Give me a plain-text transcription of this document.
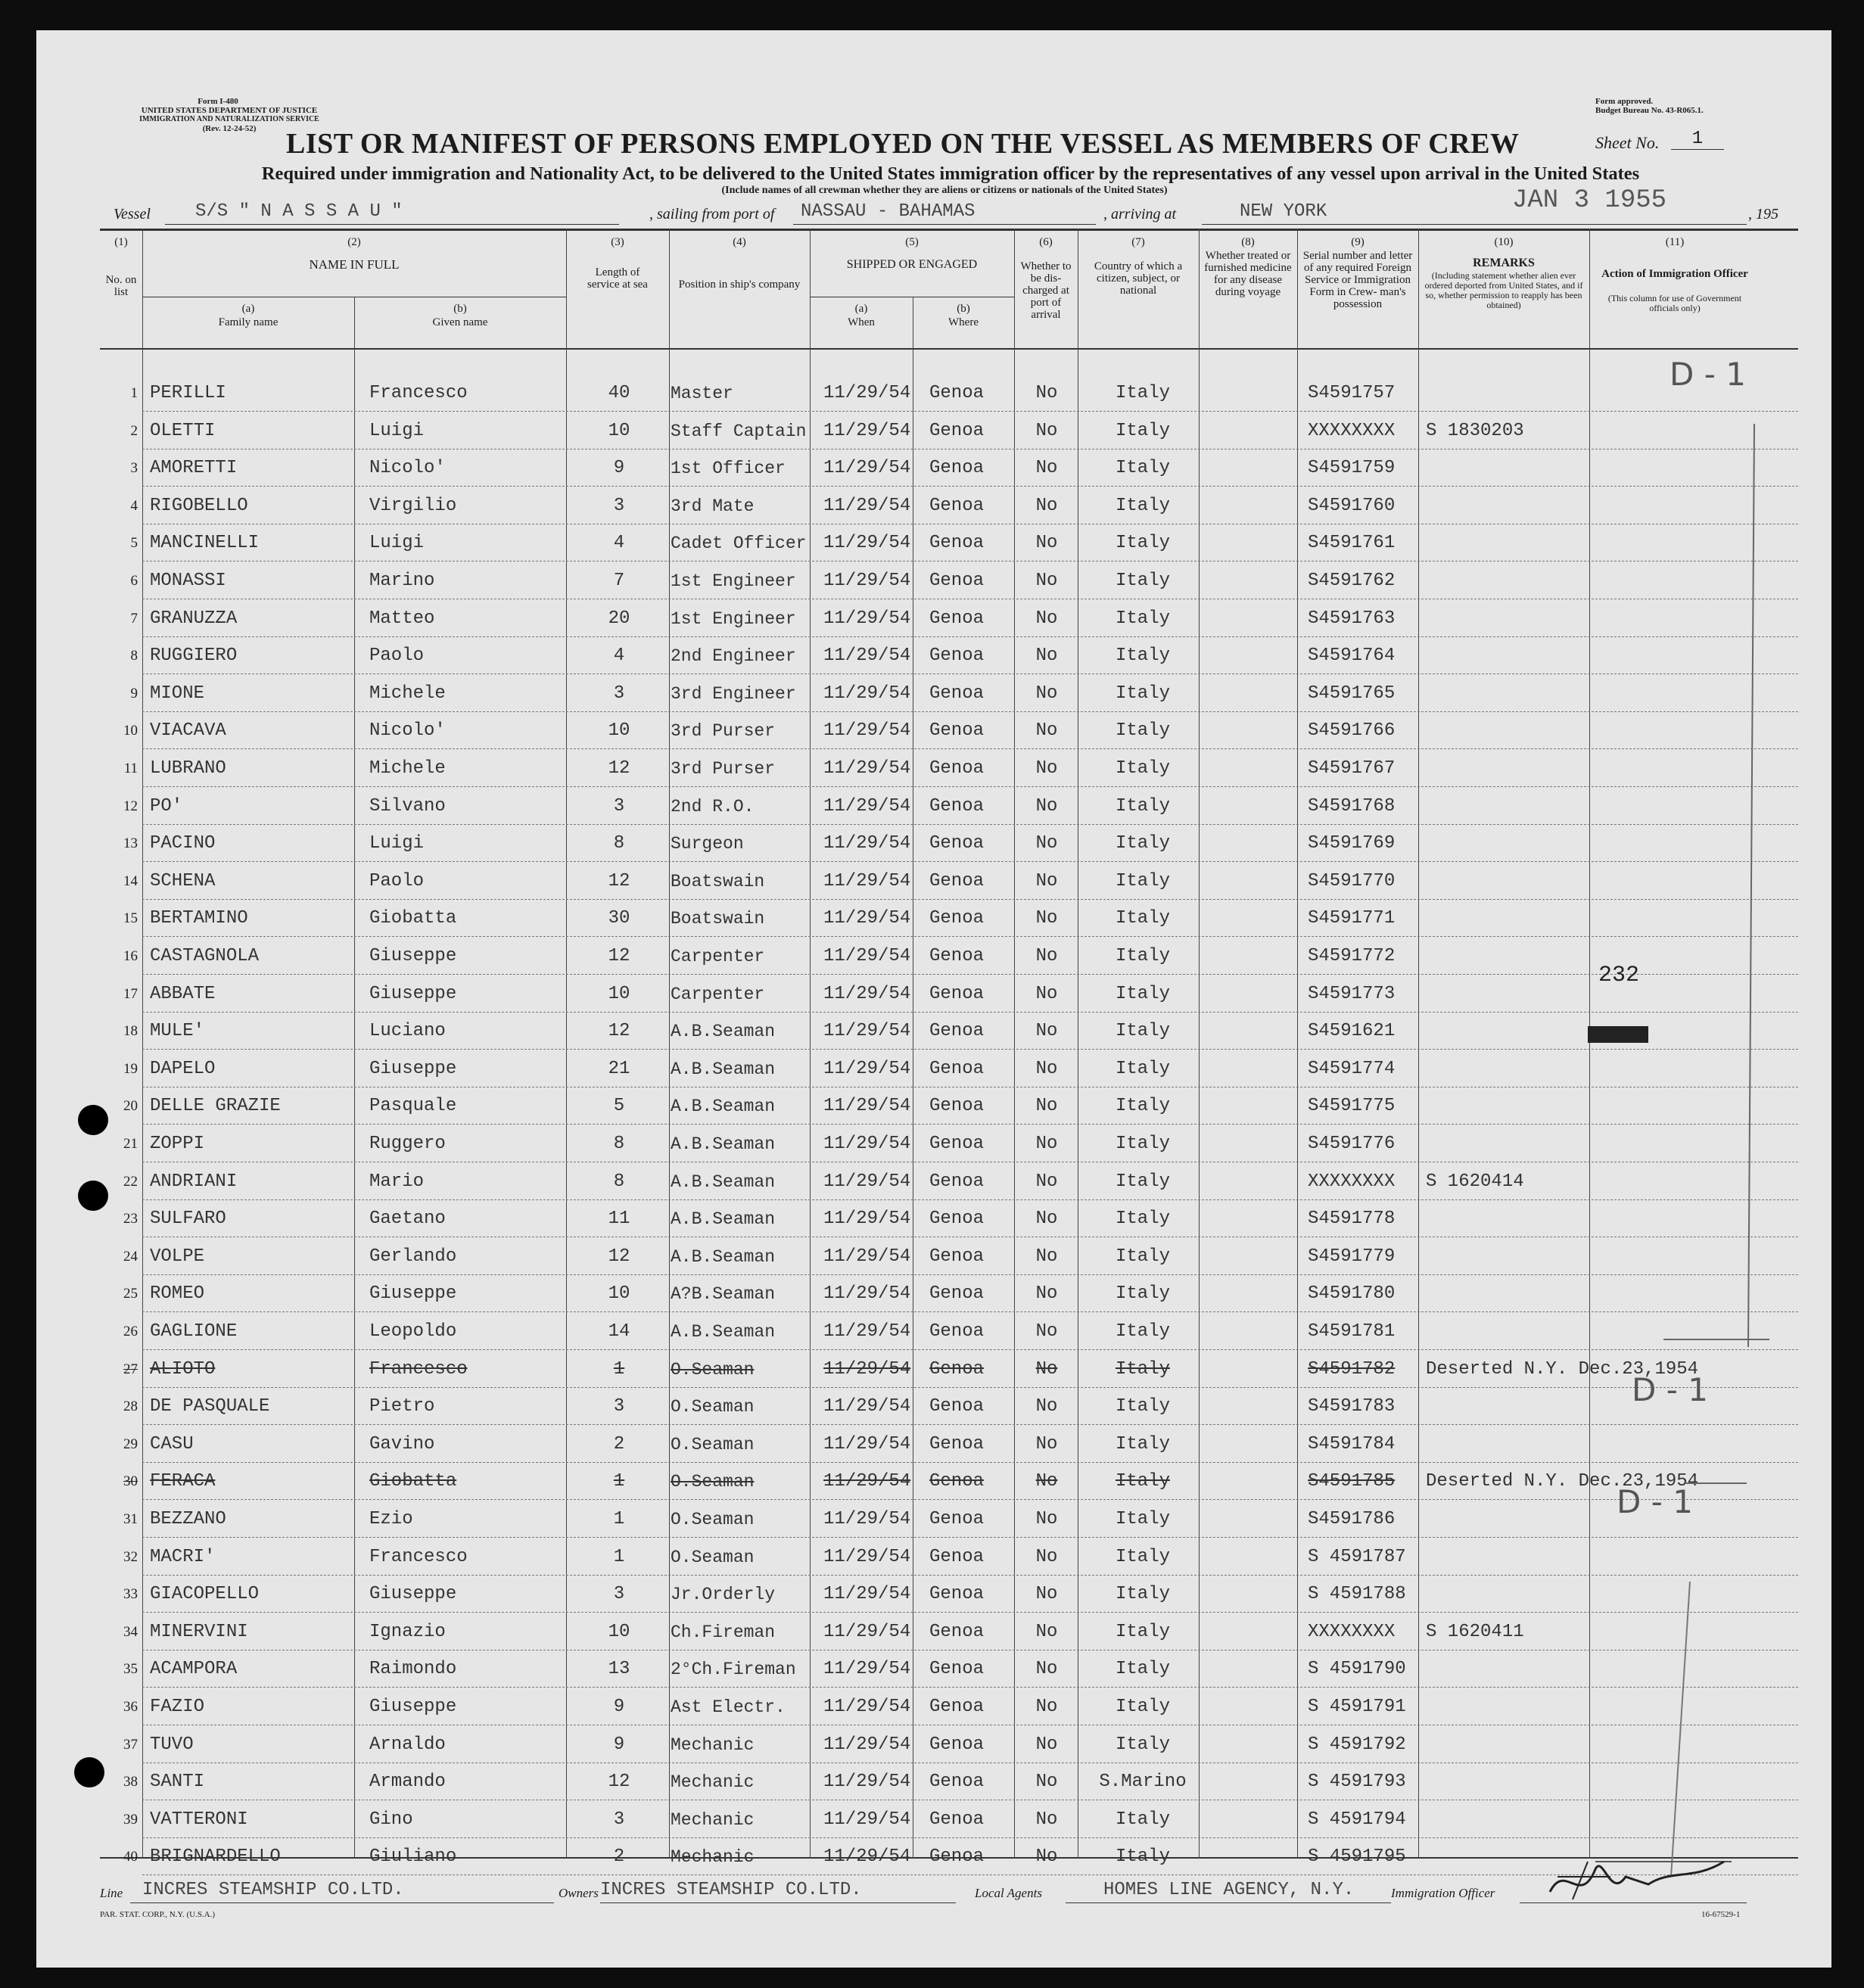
Form I-480
UNITED STATES DEPARTMENT OF JUSTICE
IMMIGRATION AND NATURALIZATION SERVICE
(Rev. 12-24-52)
Form approved.
Budget Bureau No. 43-R065.1.
LIST OR MANIFEST OF PERSONS EMPLOYED ON THE VESSEL AS MEMBERS OF CREW	Sheet No.	1
Required under immigration and Nationality Act, to be delivered to the United States immigration officer by the representatives of any vessel upon arrival in the United States
(Include names of all crewman whether they are aliens or citizens or nationals of the United States)
Vessel S/S " N A S S A U "	, sailing from port of NASSAU - BAHAMAS	, arriving at	NEW YORK	JAN 3 1955	, 195
(1)	(2)	(3)	(4)	(5)	(6)	(7)	(8)	(9)	(10)	(11)
No. on list
NAME IN FULL
(a)
Family name
(b)
Given name
Length of service at sea	Position in ship's company
SHIPPED OR ENGAGED
(a)
When
(b)
Where
Whether to be dis- charged at port of arrival
Country of which a citizen, subject, or national
Whether treated or furnished medicine for any disease during voyage
Serial number and letter of any required Foreign Service or Immigration Form in Crew- man's possession
REMARKS
(Including statement whether alien ever ordered deported from United States, and if so, whether permission to reapply has been obtained)
Action of Immigration Officer
(This column for use of Government officials only)
1 PERILLI	Francesco	40	Master	11/29/54 Genoa	No	Italy	S4591757
2 OLETTI	Luigi	10	Staff Captain 11/29/54 Genoa	No	Italy	XXXXXXXX	S 1830203
3 AMORETTI	Nicolo'	9	1st Officer	11/29/54 Genoa	No	Italy	S4591759
4 RIGOBELLO	Virgilio	3	3rd Mate	11/29/54 Genoa	No	Italy	S4591760
5 MANCINELLI	Luigi	4	Cadet Officer 11/29/54 Genoa	No	Italy	S4591761
6 MONASSI	Marino	7	1st Engineer	11/29/54 Genoa	No	Italy	S4591762
7 GRANUZZA	Matteo	20	1st Engineer	11/29/54 Genoa	No	Italy	S4591763
8 RUGGIERO	Paolo	4	2nd Engineer	11/29/54 Genoa	No	Italy	S4591764
9 MIONE	Michele	3	3rd Engineer	11/29/54 Genoa	No	Italy	S4591765
10 VIACAVA	Nicolo'	10	3rd Purser	11/29/54 Genoa	No	Italy	S4591766
11 LUBRANO	Michele	12	3rd Purser	11/29/54 Genoa	No	Italy	S4591767
12 PO'	Silvano	3	2nd R.O.	11/29/54 Genoa	No	Italy	S4591768
13 PACINO	Luigi	8	Surgeon	11/29/54 Genoa	No	Italy	S4591769
14 SCHENA	Paolo	12	Boatswain	11/29/54 Genoa	No	Italy	S4591770
15 BERTAMINO	Giobatta	30	Boatswain	11/29/54 Genoa	No	Italy	S4591771
16 CASTAGNOLA	Giuseppe	12	Carpenter	11/29/54 Genoa	No	Italy	S4591772
17 ABBATE	Giuseppe	10	Carpenter	11/29/54 Genoa	No	Italy	S4591773
18 MULE'	Luciano	12	A.B.Seaman	11/29/54 Genoa	No	Italy	S4591621
19 DAPELO	Giuseppe	21	A.B.Seaman	11/29/54 Genoa	No	Italy	S4591774
20 DELLE GRAZIE	Pasquale	5	A.B.Seaman	11/29/54 Genoa	No	Italy	S4591775
21 ZOPPI	Ruggero	8	A.B.Seaman	11/29/54 Genoa	No	Italy	S4591776
22 ANDRIANI	Mario	8	A.B.Seaman	11/29/54 Genoa	No	Italy	XXXXXXXX	S 1620414
23 SULFARO	Gaetano	11	A.B.Seaman	11/29/54 Genoa	No	Italy	S4591778
24 VOLPE	Gerlando	12	A.B.Seaman	11/29/54 Genoa	No	Italy	S4591779
25 ROMEO	Giuseppe	10	A?B.Seaman	11/29/54 Genoa	No	Italy	S4591780
26 GAGLIONE	Leopoldo	14	A.B.Seaman	11/29/54 Genoa	No	Italy	S4591781
27 ALIOTO	Francesco	1	O.Seaman	11/29/54 Genoa	No	Italy	S4591782	Deserted N.Y. Dec.23,1954
28 DE PASQUALE	Pietro	3	O.Seaman	11/29/54 Genoa	No	Italy	S4591783
29 CASU	Gavino	2	O.Seaman	11/29/54 Genoa	No	Italy	S4591784
30 FERACA	Giobatta	1	O.Seaman	11/29/54 Genoa	No	Italy	S4591785	Deserted N.Y. Dec.23,1954
31 BEZZANO	Ezio	1	O.Seaman	11/29/54 Genoa	No	Italy	S4591786
32 MACRI'	Francesco	1	O.Seaman	11/29/54 Genoa	No	Italy	S 4591787
33 GIACOPELLO	Giuseppe	3	Jr.Orderly	11/29/54 Genoa	No	Italy	S 4591788
34 MINERVINI	Ignazio	10	Ch.Fireman	11/29/54 Genoa	No	Italy	XXXXXXXX	S 1620411
35 ACAMPORA	Raimondo	13	2°Ch.Fireman	11/29/54 Genoa	No	Italy	S 4591790
36 FAZIO	Giuseppe	9	Ast Electr.	11/29/54 Genoa	No	Italy	S 4591791
37 TUVO	Arnaldo	9	Mechanic	11/29/54 Genoa	No	Italy	S 4591792
38 SANTI	Armando	12	Mechanic	11/29/54 Genoa	No	S.Marino	S 4591793
39 VATTERONI	Gino	3	Mechanic	11/29/54 Genoa	No	Italy	S 4591794
40 BRIGNARDELLO	Giuliano	2	Mechanic	11/29/54 Genoa	No	Italy	S 4591795
D - 1
D - 1
D - 1
232
Line INCRES STEAMSHIP CO.LTD.	Owners INCRES STEAMSHIP CO.LTD.	Local Agents	HOMES LINE AGENCY, N.Y.	Immigration Officer
PAR. STAT. CORP., N.Y. (U.S.A.)	16-67529-1
